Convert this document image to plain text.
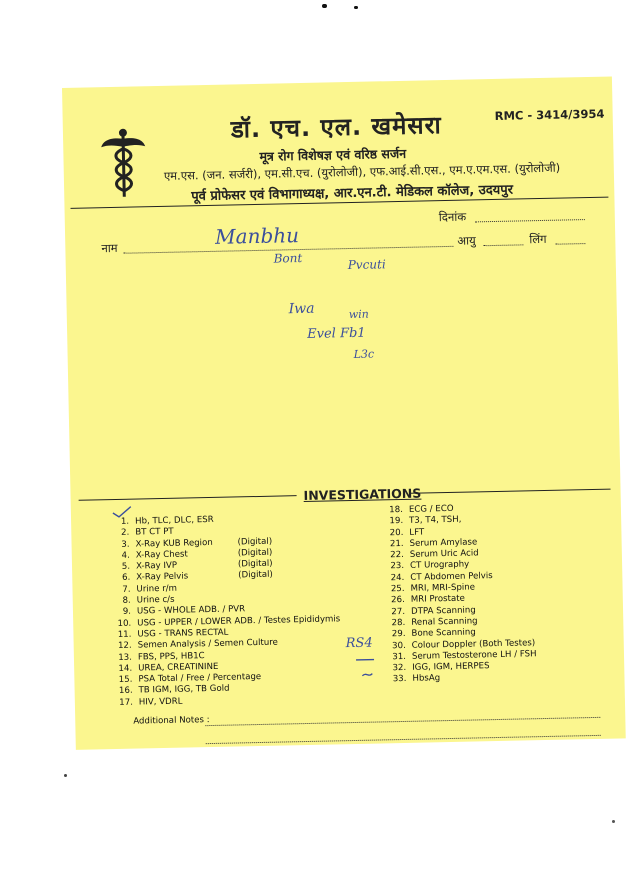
डॉ. एच. एल. खमेसरा	RMC - 3414/3954
मूत्र रोग विशेषज्ञ एवं वरिष्ठ सर्जन
एम.एस. (जन. सर्जरी), एम.सी.एच. (युरोलोजी), एफ.आई.सी.एस., एम.ए.एम.एस. (युरोलोजी)
पूर्व प्रोफेसर एवं विभागाध्यक्ष, आर.एन.टी. मेडिकल कॉलेज, उदयपुर
दिनांक
नाम
आयु	लिंग
Manbhu
Bont	Pvcuti
Iwa	win
Evel Fb1
L3c
INVESTIGATIONS
1. Hb, TLC, DLC, ESR
2. BT CT PT
3. X-Ray KUB Region	(Digital)
4. X-Ray Chest	(Digital)
5. X-Ray IVP	(Digital)
6. X-Ray Pelvis	(Digital)
7. Urine r/m
8. Urine c/s
9. USG - WHOLE ADB. / PVR
10. USG - UPPER / LOWER ADB. / Testes Epididymis
11. USG - TRANS RECTAL
12. Semen Analysis / Semen Culture
13. FBS, PPS, HB1C
14. UREA, CREATININE
15. PSA Total / Free / Percentage
16. TB IGM, IGG, TB Gold
17. HIV, VDRL
18. ECG / ECO
19. T3, T4, TSH,
20. LFT
21. Serum Amylase
22. Serum Uric Acid
23. CT Urography
24. CT Abdomen Pelvis
25. MRI, MRI-Spine
26. MRI Prostate
27. DTPA Scanning
28. Renal Scanning
29. Bone Scanning
30. Colour Doppler (Both Testes)
31. Serum Testosterone LH / FSH
32. IGG, IGM, HERPES
33. HbsAg
RS4
Additional Notes :
